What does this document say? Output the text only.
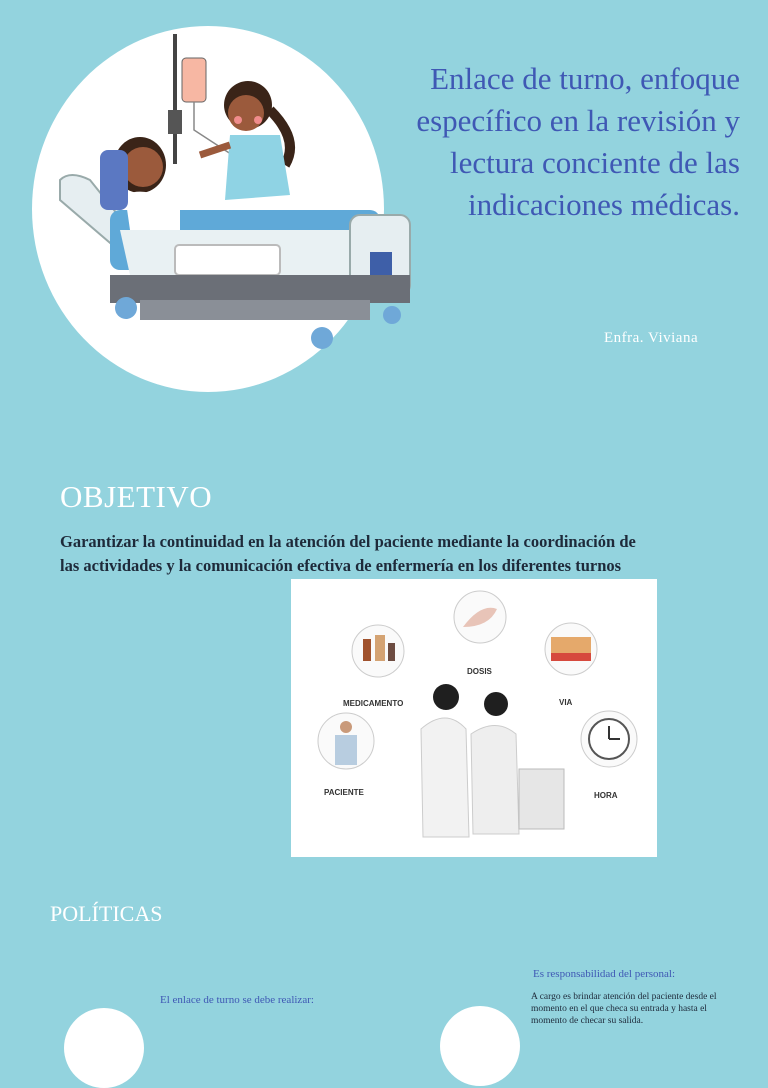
Enlace de turno, enfoque específico en la revisión y lectura conciente de las indicaciones médicas.
Enfra. Viviana
OBJETIVO
Garantizar la continuidad en la atención del paciente mediante la coordinación de las actividades y la comunicación efectiva de enfermería en los diferentes turnos
MEDICAMENTO
DOSIS
VIA
PACIENTE	HORA
POLÍTICAS
El enlace de turno se debe realizar:
Es responsabilidad del personal:
A cargo es brindar atención del paciente desde el momento en el que checa su entrada y hasta el momento de checar su salida.
